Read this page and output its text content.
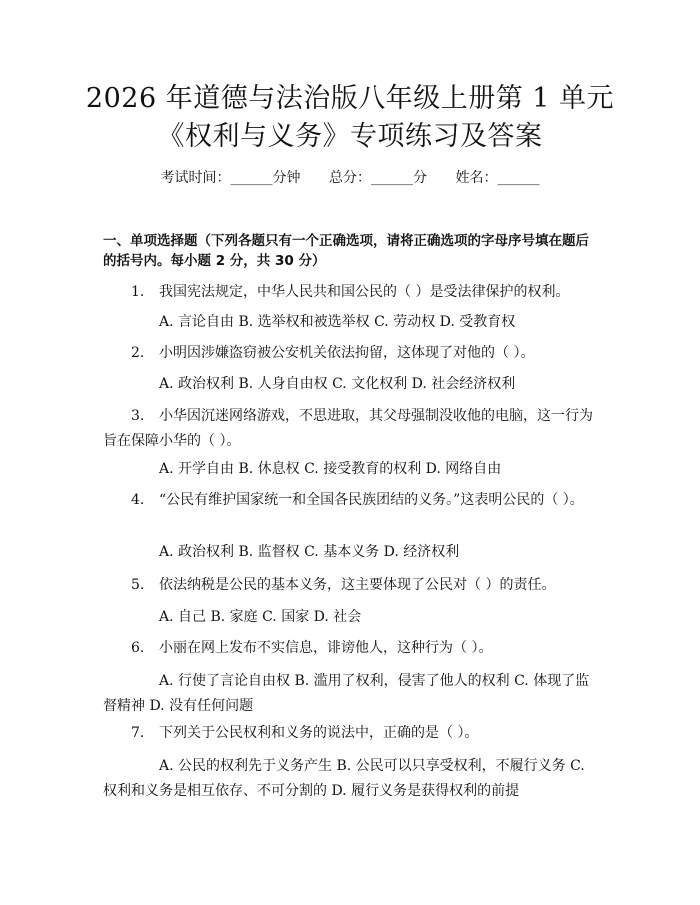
2026 年道德与法治版八年级上册第 1 单元
《权利与义务》专项练习及答案
考试时间：______分钟 总分：______分 姓名：______
一、单项选择题（下列各题只有一个正确选项，请将正确选项的字母序号填在题后的括号内。每小题 2 分，共 30 分）
1. 我国宪法规定，中华人民共和国公民的（ ）是受法律保护的权利。
A. 言论自由 B. 选举权和被选举权 C. 劳动权 D. 受教育权
2. 小明因涉嫌盗窃被公安机关依法拘留，这体现了对他的（ ）。
A. 政治权利 B. 人身自由权 C. 文化权利 D. 社会经济权利
3. 小华因沉迷网络游戏，不思进取，其父母强制没收他的电脑，这一行为旨在保障小华的（ ）。
A. 开学自由 B. 休息权 C. 接受教育的权利 D. 网络自由
4. “公民有维护国家统一和全国各民族团结的义务。”这表明公民的（ ）。
A. 政治权利 B. 监督权 C. 基本义务 D. 经济权利
5. 依法纳税是公民的基本义务，这主要体现了公民对（ ）的责任。
A. 自己 B. 家庭 C. 国家 D. 社会
6. 小丽在网上发布不实信息，诽谤他人，这种行为（ ）。
A. 行使了言论自由权 B. 滥用了权利，侵害了他人的权利 C. 体现了监督精神 D. 没有任何问题
7. 下列关于公民权利和义务的说法中，正确的是（ ）。
A. 公民的权利先于义务产生 B. 公民可以只享受权利，不履行义务 C. 权利和义务是相互依存、不可分割的 D. 履行义务是获得权利的前提
